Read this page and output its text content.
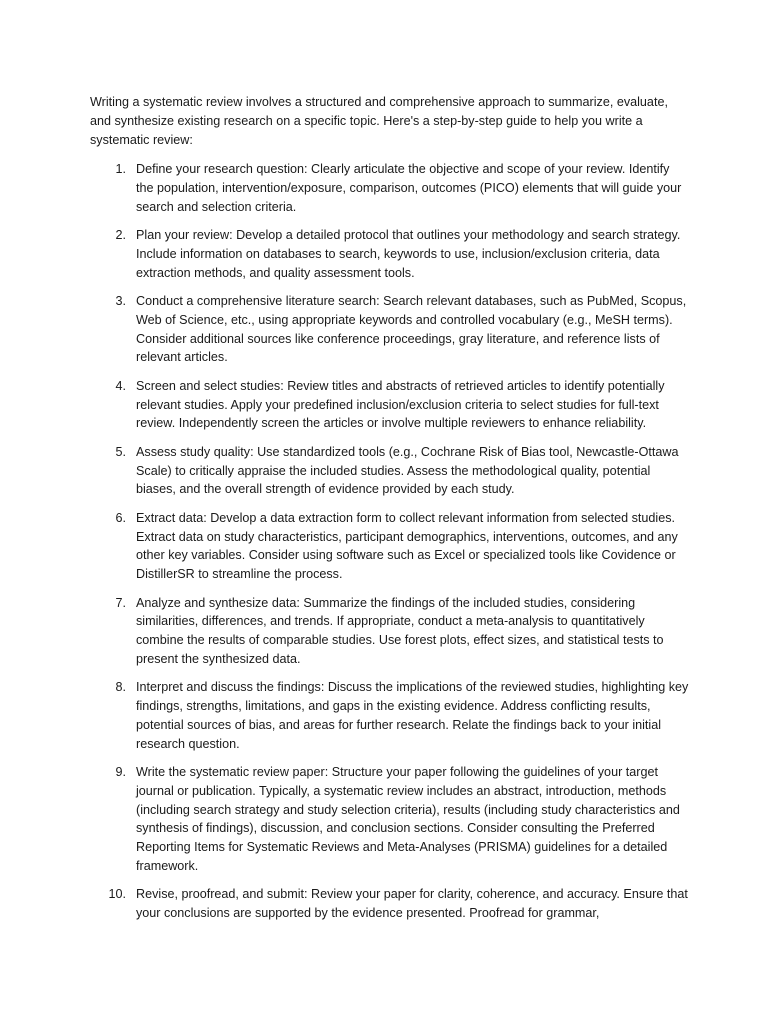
Writing a systematic review involves a structured and comprehensive approach to summarize, evaluate, and synthesize existing research on a specific topic. Here's a step-by-step guide to help you write a systematic review:

1. Define your research question: Clearly articulate the objective and scope of your review. Identify the population, intervention/exposure, comparison, outcomes (PICO) elements that will guide your search and selection criteria.
2. Plan your review: Develop a detailed protocol that outlines your methodology and search strategy. Include information on databases to search, keywords to use, inclusion/exclusion criteria, data extraction methods, and quality assessment tools.
3. Conduct a comprehensive literature search: Search relevant databases, such as PubMed, Scopus, Web of Science, etc., using appropriate keywords and controlled vocabulary (e.g., MeSH terms). Consider additional sources like conference proceedings, gray literature, and reference lists of relevant articles.
4. Screen and select studies: Review titles and abstracts of retrieved articles to identify potentially relevant studies. Apply your predefined inclusion/exclusion criteria to select studies for full-text review. Independently screen the articles or involve multiple reviewers to enhance reliability.
5. Assess study quality: Use standardized tools (e.g., Cochrane Risk of Bias tool, Newcastle-Ottawa Scale) to critically appraise the included studies. Assess the methodological quality, potential biases, and the overall strength of evidence provided by each study.
6. Extract data: Develop a data extraction form to collect relevant information from selected studies. Extract data on study characteristics, participant demographics, interventions, outcomes, and any other key variables. Consider using software such as Excel or specialized tools like Covidence or DistillerSR to streamline the process.
7. Analyze and synthesize data: Summarize the findings of the included studies, considering similarities, differences, and trends. If appropriate, conduct a meta-analysis to quantitatively combine the results of comparable studies. Use forest plots, effect sizes, and statistical tests to present the synthesized data.
8. Interpret and discuss the findings: Discuss the implications of the reviewed studies, highlighting key findings, strengths, limitations, and gaps in the existing evidence. Address conflicting results, potential sources of bias, and areas for further research. Relate the findings back to your initial research question.
9. Write the systematic review paper: Structure your paper following the guidelines of your target journal or publication. Typically, a systematic review includes an abstract, introduction, methods (including search strategy and study selection criteria), results (including study characteristics and synthesis of findings), discussion, and conclusion sections. Consider consulting the Preferred Reporting Items for Systematic Reviews and Meta-Analyses (PRISMA) guidelines for a detailed framework.
10. Revise, proofread, and submit: Review your paper for clarity, coherence, and accuracy. Ensure that your conclusions are supported by the evidence presented. Proofread for grammar,
